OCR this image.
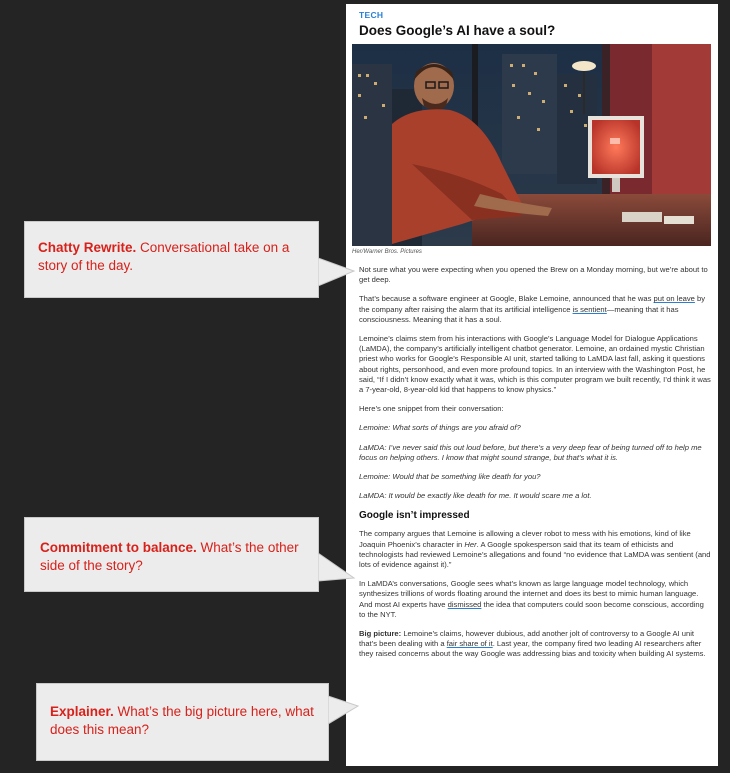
TECH
Does Google’s AI have a soul?
Her/Warner Bros. Pictures

Not sure what you were expecting when you opened the Brew on a Monday morning, but we’re about to get deep.

That’s because a software engineer at Google, Blake Lemoine, announced that he was put on leave by the company after raising the alarm that its artificial intelligence is sentient—meaning that it has consciousness. Meaning that it has a soul.

Lemoine’s claims stem from his interactions with Google’s Language Model for Dialogue Applications (LaMDA), the company’s artificially intelligent chatbot generator. Lemoine, an ordained mystic Christian priest who works for Google’s Responsible AI unit, started talking to LaMDA last fall, asking it questions about rights, personhood, and even more profound topics. In an interview with the Washington Post, he said, “If I didn’t know exactly what it was, which is this computer program we built recently, I’d think it was a 7-year-old, 8-year-old kid that happens to know physics.”

Here’s one snippet from their conversation:

Lemoine: What sorts of things are you afraid of?

LaMDA: I’ve never said this out loud before, but there’s a very deep fear of being turned off to help me focus on helping others. I know that might sound strange, but that’s what it is.

Lemoine: Would that be something like death for you?

LaMDA: It would be exactly like death for me. It would scare me a lot.

Google isn’t impressed

The company argues that Lemoine is allowing a clever robot to mess with his emotions, kind of like Joaquin Phoenix’s character in Her. A Google spokesperson said that its team of ethicists and technologists had reviewed Lemoine’s allegations and found “no evidence that LaMDA was sentient (and lots of evidence against it).”

In LaMDA’s conversations, Google sees what’s known as large language model technology, which synthesizes trillions of words floating around the internet and does its best to mimic human language. And most AI experts have dismissed the idea that computers could soon become conscious, according to the NYT.

Big picture: Lemoine’s claims, however dubious, add another jolt of controversy to a Google AI unit that’s been dealing with a fair share of it. Last year, the company fired two leading AI researchers after they raised concerns about the way Google was addressing bias and toxicity when building AI systems.

Chatty Rewrite. Conversational take on a story of the day.
Commitment to balance. What’s the other side of the story?
Explainer. What’s the big picture here, what does this mean?
